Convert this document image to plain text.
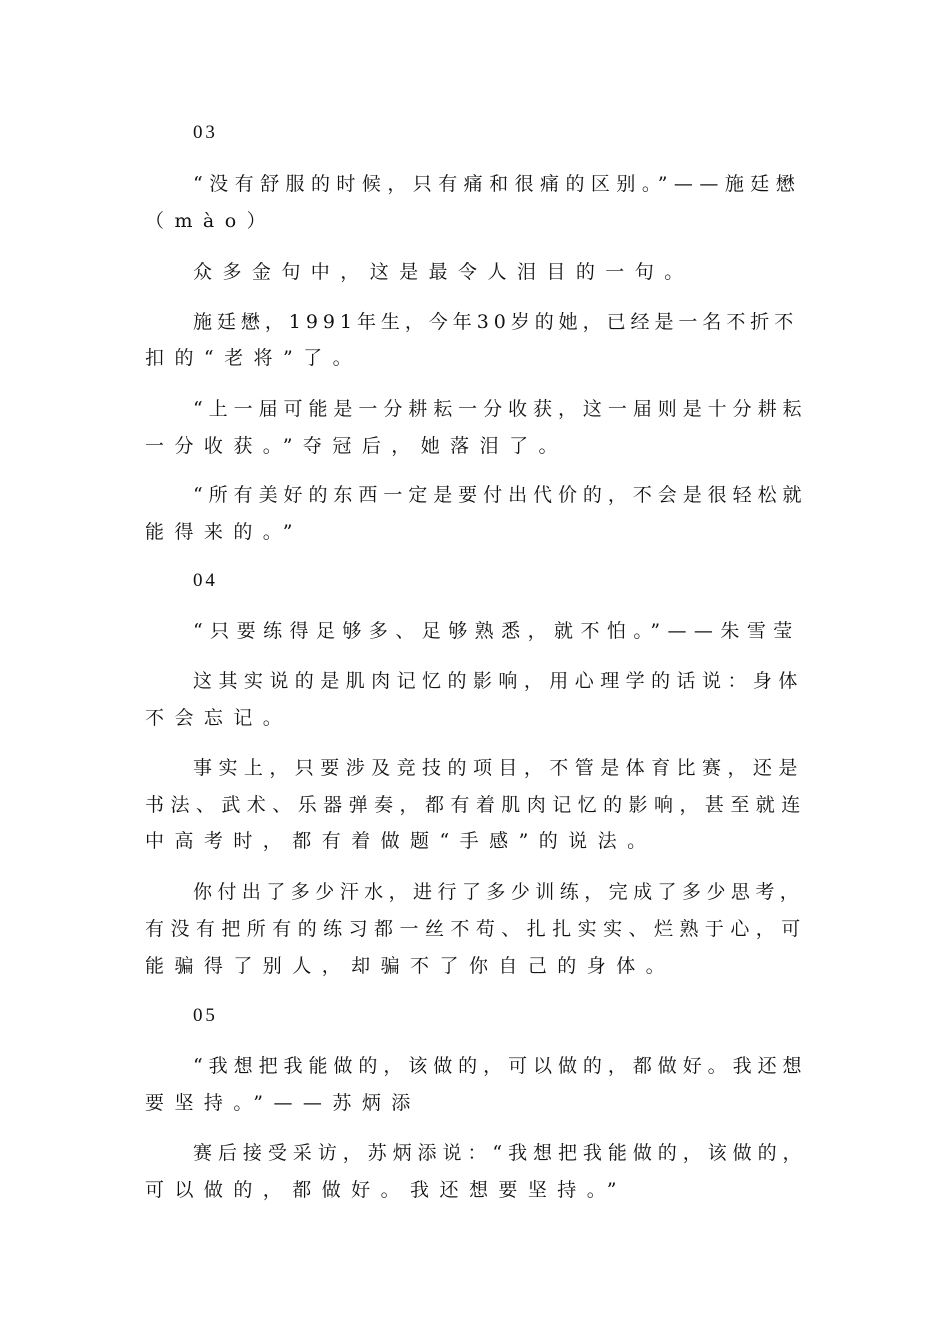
03
“没有舒服的时候，只有痛和很痛的区别。”——施廷懋
（mào）
众多金句中，这是最令人泪目的一句。
施廷懋，1991年生，今年30岁的她，已经是一名不折不
扣的“老将”了。
“上一届可能是一分耕耘一分收获，这一届则是十分耕耘
一分收获。”夺冠后，她落泪了。
“所有美好的东西一定是要付出代价的，不会是很轻松就
能得来的。”
04
“只要练得足够多、足够熟悉，就不怕。”——朱雪莹
这其实说的是肌肉记忆的影响，用心理学的话说：身体
不会忘记。
事实上，只要涉及竞技的项目，不管是体育比赛，还是
书法、武术、乐器弹奏，都有着肌肉记忆的影响，甚至就连
中高考时，都有着做题“手感”的说法。
你付出了多少汗水，进行了多少训练，完成了多少思考，
有没有把所有的练习都一丝不苟、扎扎实实、烂熟于心，可
能骗得了别人，却骗不了你自己的身体。
05
“我想把我能做的，该做的，可以做的，都做好。我还想
要坚持。”——苏炳添
赛后接受采访，苏炳添说：“我想把我能做的，该做的，
可以做的，都做好。我还想要坚持。”
